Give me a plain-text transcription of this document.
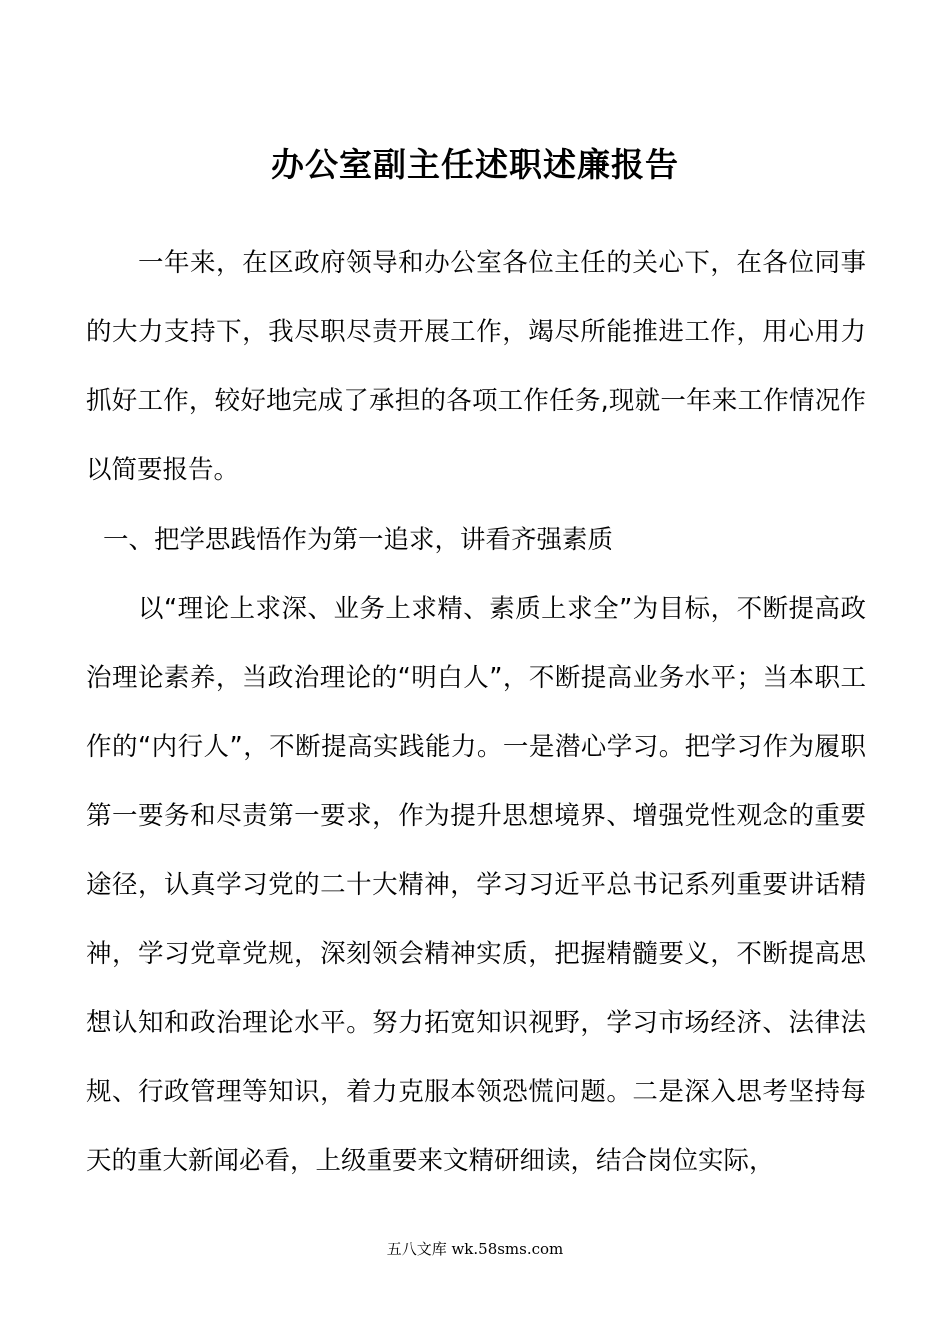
办公室副主任述职述廉报告

一年来，在区政府领导和办公室各位主任的关心下，在各位同事的大力支持下，我尽职尽责开展工作，竭尽所能推进工作，用心用力抓好工作，较好地完成了承担的各项工作任务,现就一年来工作情况作以简要报告。

一、把学思践悟作为第一追求，讲看齐强素质

以“理论上求深、业务上求精、素质上求全”为目标，不断提高政治理论素养，当政治理论的“明白人”，不断提高业务水平；当本职工作的“内行人”，不断提高实践能力。一是潜心学习。把学习作为履职第一要务和尽责第一要求，作为提升思想境界、增强党性观念的重要途径，认真学习党的二十大精神，学习习近平总书记系列重要讲话精神，学习党章党规，深刻领会精神实质，把握精髓要义，不断提高思想认知和政治理论水平。努力拓宽知识视野，学习市场经济、法律法规、行政管理等知识，着力克服本领恐慌问题。二是深入思考坚持每天的重大新闻必看，上级重要来文精研细读，结合岗位实际，

五八文库 wk.58sms.com
